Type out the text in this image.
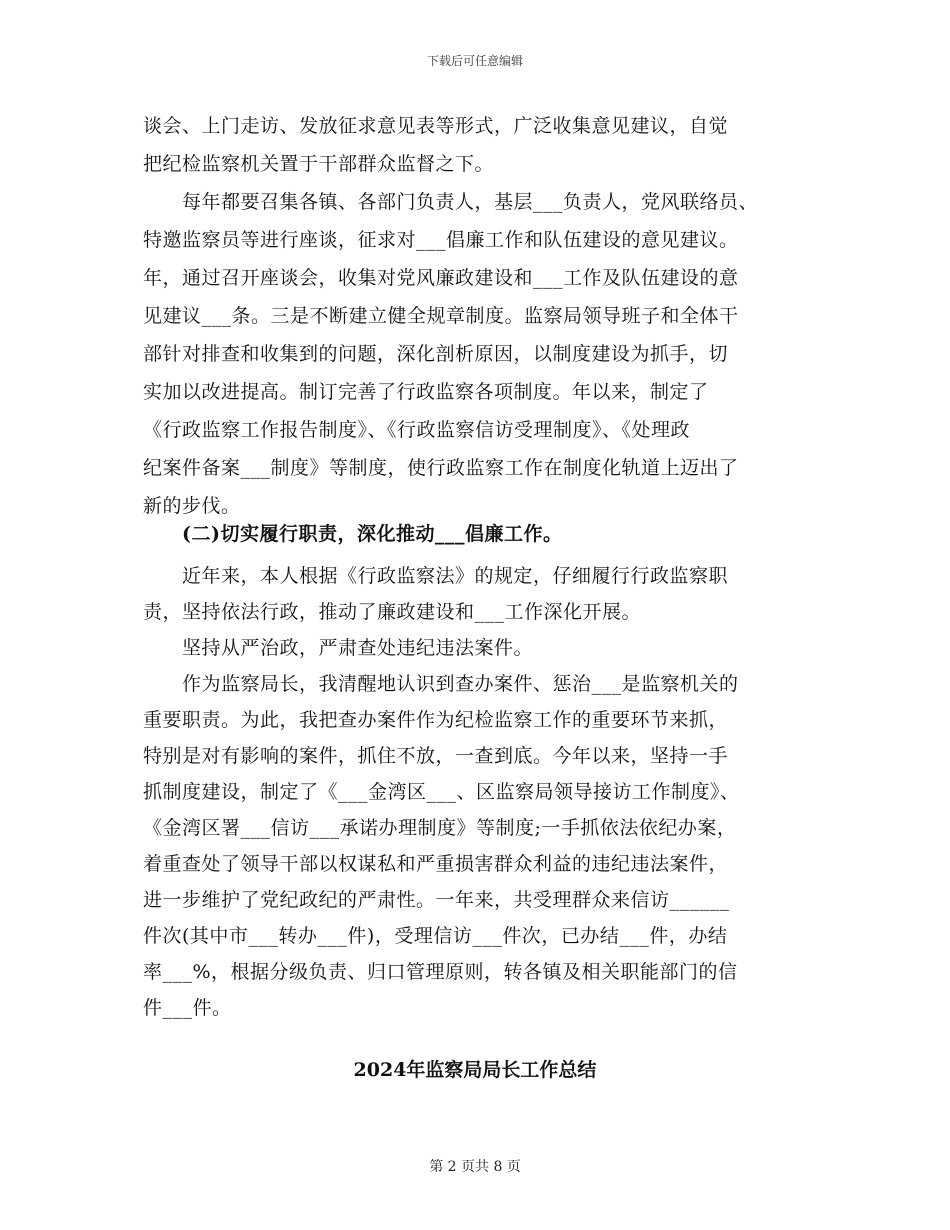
下载后可任意编辑
谈会、上门走访、发放征求意见表等形式，广泛收集意见建议，自觉
把纪检监察机关置于干部群众监督之下。
　　每年都要召集各镇、各部门负责人，基层___负责人，党风联络员、
特邀监察员等进行座谈，征求对___倡廉工作和队伍建设的意见建议。
年，通过召开座谈会，收集对党风廉政建设和___工作及队伍建设的意
见建议___条。三是不断建立健全规章制度。监察局领导班子和全体干
部针对排查和收集到的问题，深化剖析原因，以制度建设为抓手，切
实加以改进提高。制订完善了行政监察各项制度。年以来，制定了
《行政监察工作报告制度》、《行政监察信访受理制度》、《处理政
纪案件备案___制度》等制度，使行政监察工作在制度化轨道上迈出了
新的步伐。
　　(二)切实履行职责，深化推动___倡廉工作。
　　近年来，本人根据《行政监察法》的规定，仔细履行行政监察职
责，坚持依法行政，推动了廉政建设和___工作深化开展。
　　坚持从严治政，严肃查处违纪违法案件。
　　作为监察局长，我清醒地认识到查办案件、惩治___是监察机关的
重要职责。为此，我把查办案件作为纪检监察工作的重要环节来抓，
特别是对有影响的案件，抓住不放，一查到底。今年以来，坚持一手
抓制度建设，制定了《___金湾区___、区监察局领导接访工作制度》、
《金湾区署___信访___承诺办理制度》等制度;一手抓依法依纪办案，
着重查处了领导干部以权谋私和严重损害群众利益的违纪违法案件，
进一步维护了党纪政纪的严肃性。一年来，共受理群众来信访______
件次(其中市___转办___件)，受理信访___件次，已办结___件，办结
率___%，根据分级负责、归口管理原则，转各镇及相关职能部门的信
件___件。
2024年监察局局长工作总结
第 2 页共 8 页
